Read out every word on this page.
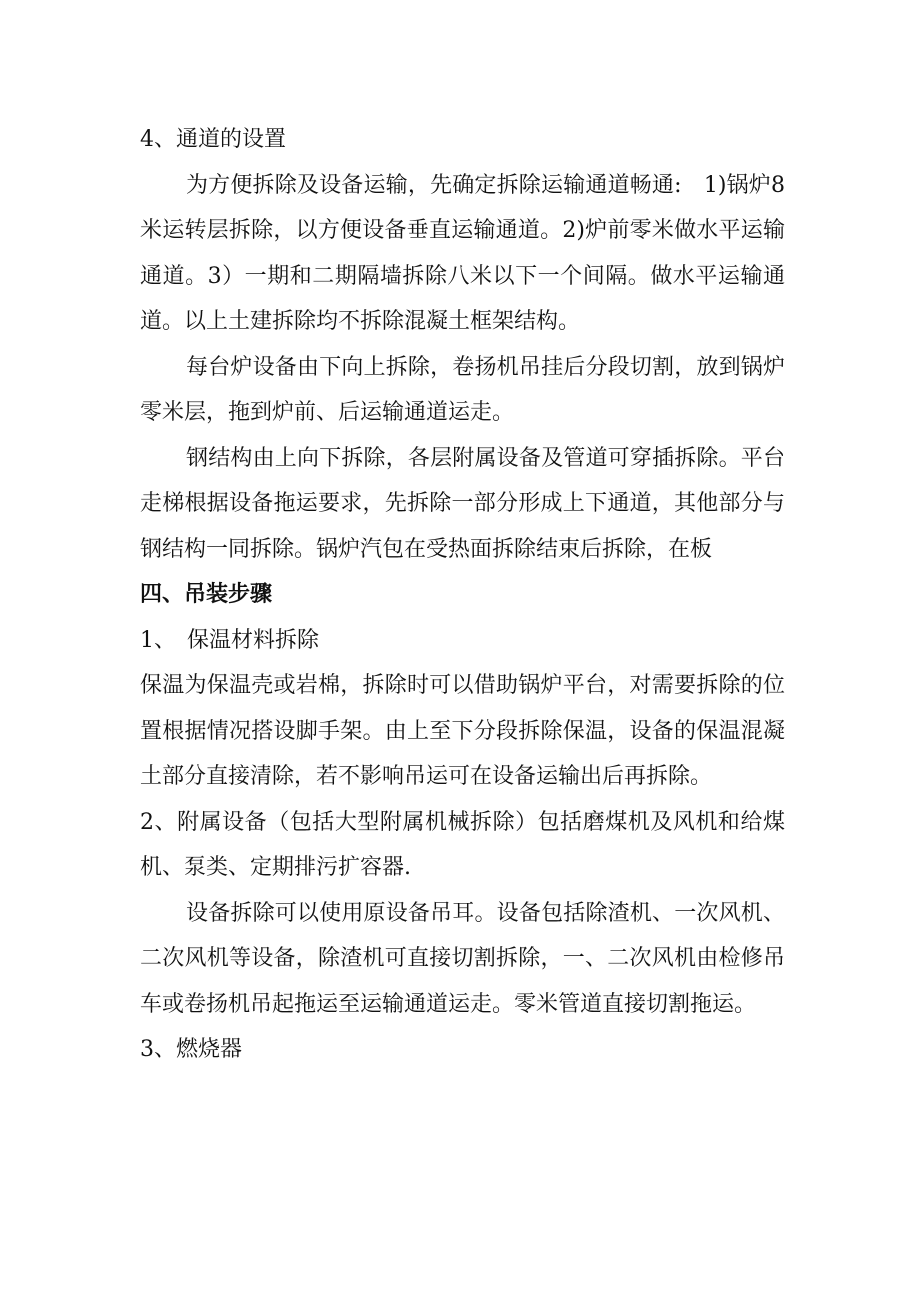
4、通道的设置

为方便拆除及设备运输，先确定拆除运输通道畅通:　1)锅炉8米运转层拆除，以方便设备垂直运输通道。2)炉前零米做水平运输通道。3）一期和二期隔墙拆除八米以下一个间隔。做水平运输通道。以上土建拆除均不拆除混凝土框架结构。

每台炉设备由下向上拆除，卷扬机吊挂后分段切割，放到锅炉零米层，拖到炉前、后运输通道运走。

钢结构由上向下拆除，各层附属设备及管道可穿插拆除。平台走梯根据设备拖运要求，先拆除一部分形成上下通道，其他部分与钢结构一同拆除。锅炉汽包在受热面拆除结束后拆除，在板

四、吊装步骤

1、　保温材料拆除

保温为保温壳或岩棉，拆除时可以借助锅炉平台，对需要拆除的位置根据情况搭设脚手架。由上至下分段拆除保温，设备的保温混凝土部分直接清除，若不影响吊运可在设备运输出后再拆除。

2、附属设备（包括大型附属机械拆除）包括磨煤机及风机和给煤机、泵类、定期排污扩容器.

设备拆除可以使用原设备吊耳。设备包括除渣机、一次风机、二次风机等设备，除渣机可直接切割拆除，一、二次风机由检修吊车或卷扬机吊起拖运至运输通道运走。零米管道直接切割拖运。

3、燃烧器
